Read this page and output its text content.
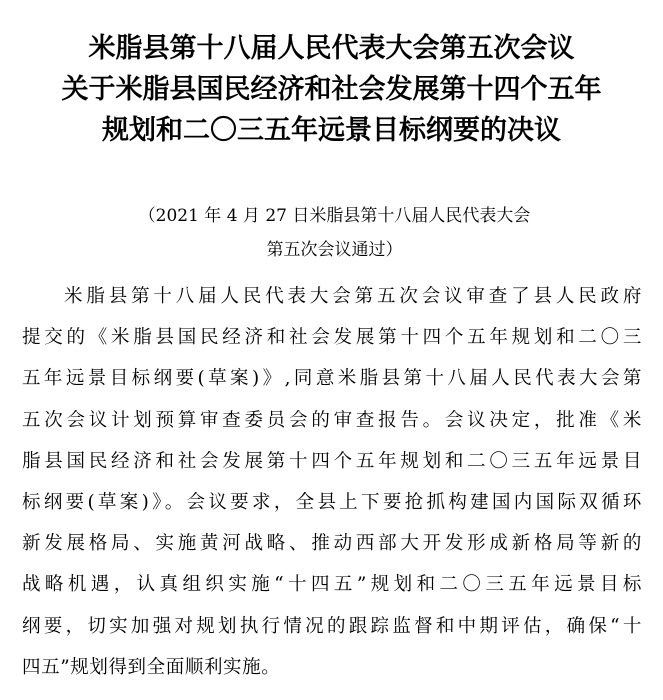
米脂县第十八届人民代表大会第五次会议
关于米脂县国民经济和社会发展第十四个五年
规划和二〇三五年远景目标纲要的决议
（2021 年 4 月 27 日米脂县第十八届人民代表大会
第五次会议通过）

米脂县第十八届人民代表大会第五次会议审查了县人民政府
提交的《米脂县国民经济和社会发展第十四个五年规划和二〇三
五年远景目标纲要(草案)》,同意米脂县第十八届人民代表大会第
五次会议计划预算审查委员会的审查报告。会议决定，批准《米
脂县国民经济和社会发展第十四个五年规划和二〇三五年远景目
标纲要(草案)》。会议要求，全县上下要抢抓构建国内国际双循环
新发展格局、实施黄河战略、推动西部大开发形成新格局等新的
战略机遇，认真组织实施“十四五”规划和二〇三五年远景目标
纲要，切实加强对规划执行情况的跟踪监督和中期评估，确保“十
四五”规划得到全面顺利实施。
